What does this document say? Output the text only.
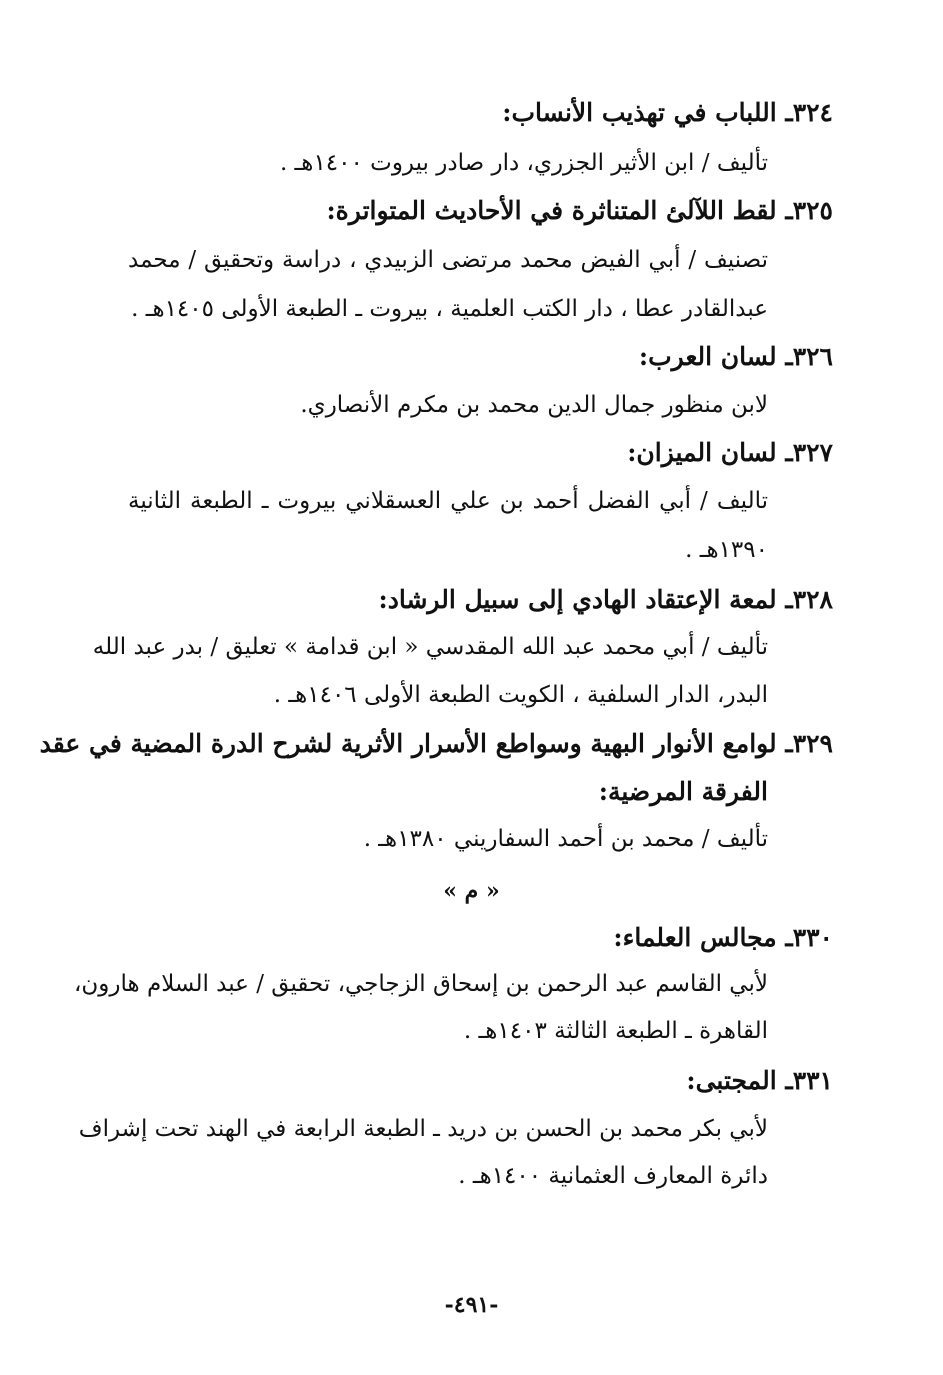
٣٢٤ـ اللباب في تهذيب الأنساب:
تأليف / ابن الأثير الجزري، دار صادر بيروت ١٤٠٠هـ .
٣٢٥ـ لقط اللآلئ المتناثرة في الأحاديث المتواترة:
تصنيف / أبي الفيض محمد مرتضى الزبيدي ، دراسة وتحقيق / محمد
عبدالقادر عطا ، دار الكتب العلمية ، بيروت ـ الطبعة الأولى ١٤٠٥هـ .
٣٢٦ـ لسان العرب:
لابن منظور جمال الدين محمد بن مكرم الأنصاري.
٣٢٧ـ لسان الميزان:
تاليف / أبي الفضل أحمد بن علي العسقلاني بيروت ـ الطبعة الثانية
١٣٩٠هـ .
٣٢٨ـ لمعة الإعتقاد الهادي إلى سبيل الرشاد:
تأليف / أبي محمد عبد الله المقدسي « ابن قدامة » تعليق / بدر عبد الله
البدر، الدار السلفية ، الكويت الطبعة الأولى ١٤٠٦هـ .
٣٢٩ـ لوامع الأنوار البهية وسواطع الأسرار الأثرية لشرح الدرة المضية في عقد
الفرقة المرضية:
تأليف / محمد بن أحمد السفاريني ١٣٨٠هـ .
« م »
٣٣٠ـ مجالس العلماء:
لأبي القاسم عبد الرحمن بن إسحاق الزجاجي، تحقيق / عبد السلام هارون،
القاهرة ـ الطبعة الثالثة ١٤٠٣هـ .
٣٣١ـ المجتبى:
لأبي بكر محمد بن الحسن بن دريد ـ الطبعة الرابعة في الهند تحت إشراف
دائرة المعارف العثمانية ١٤٠٠هـ .
-٤٩١-
